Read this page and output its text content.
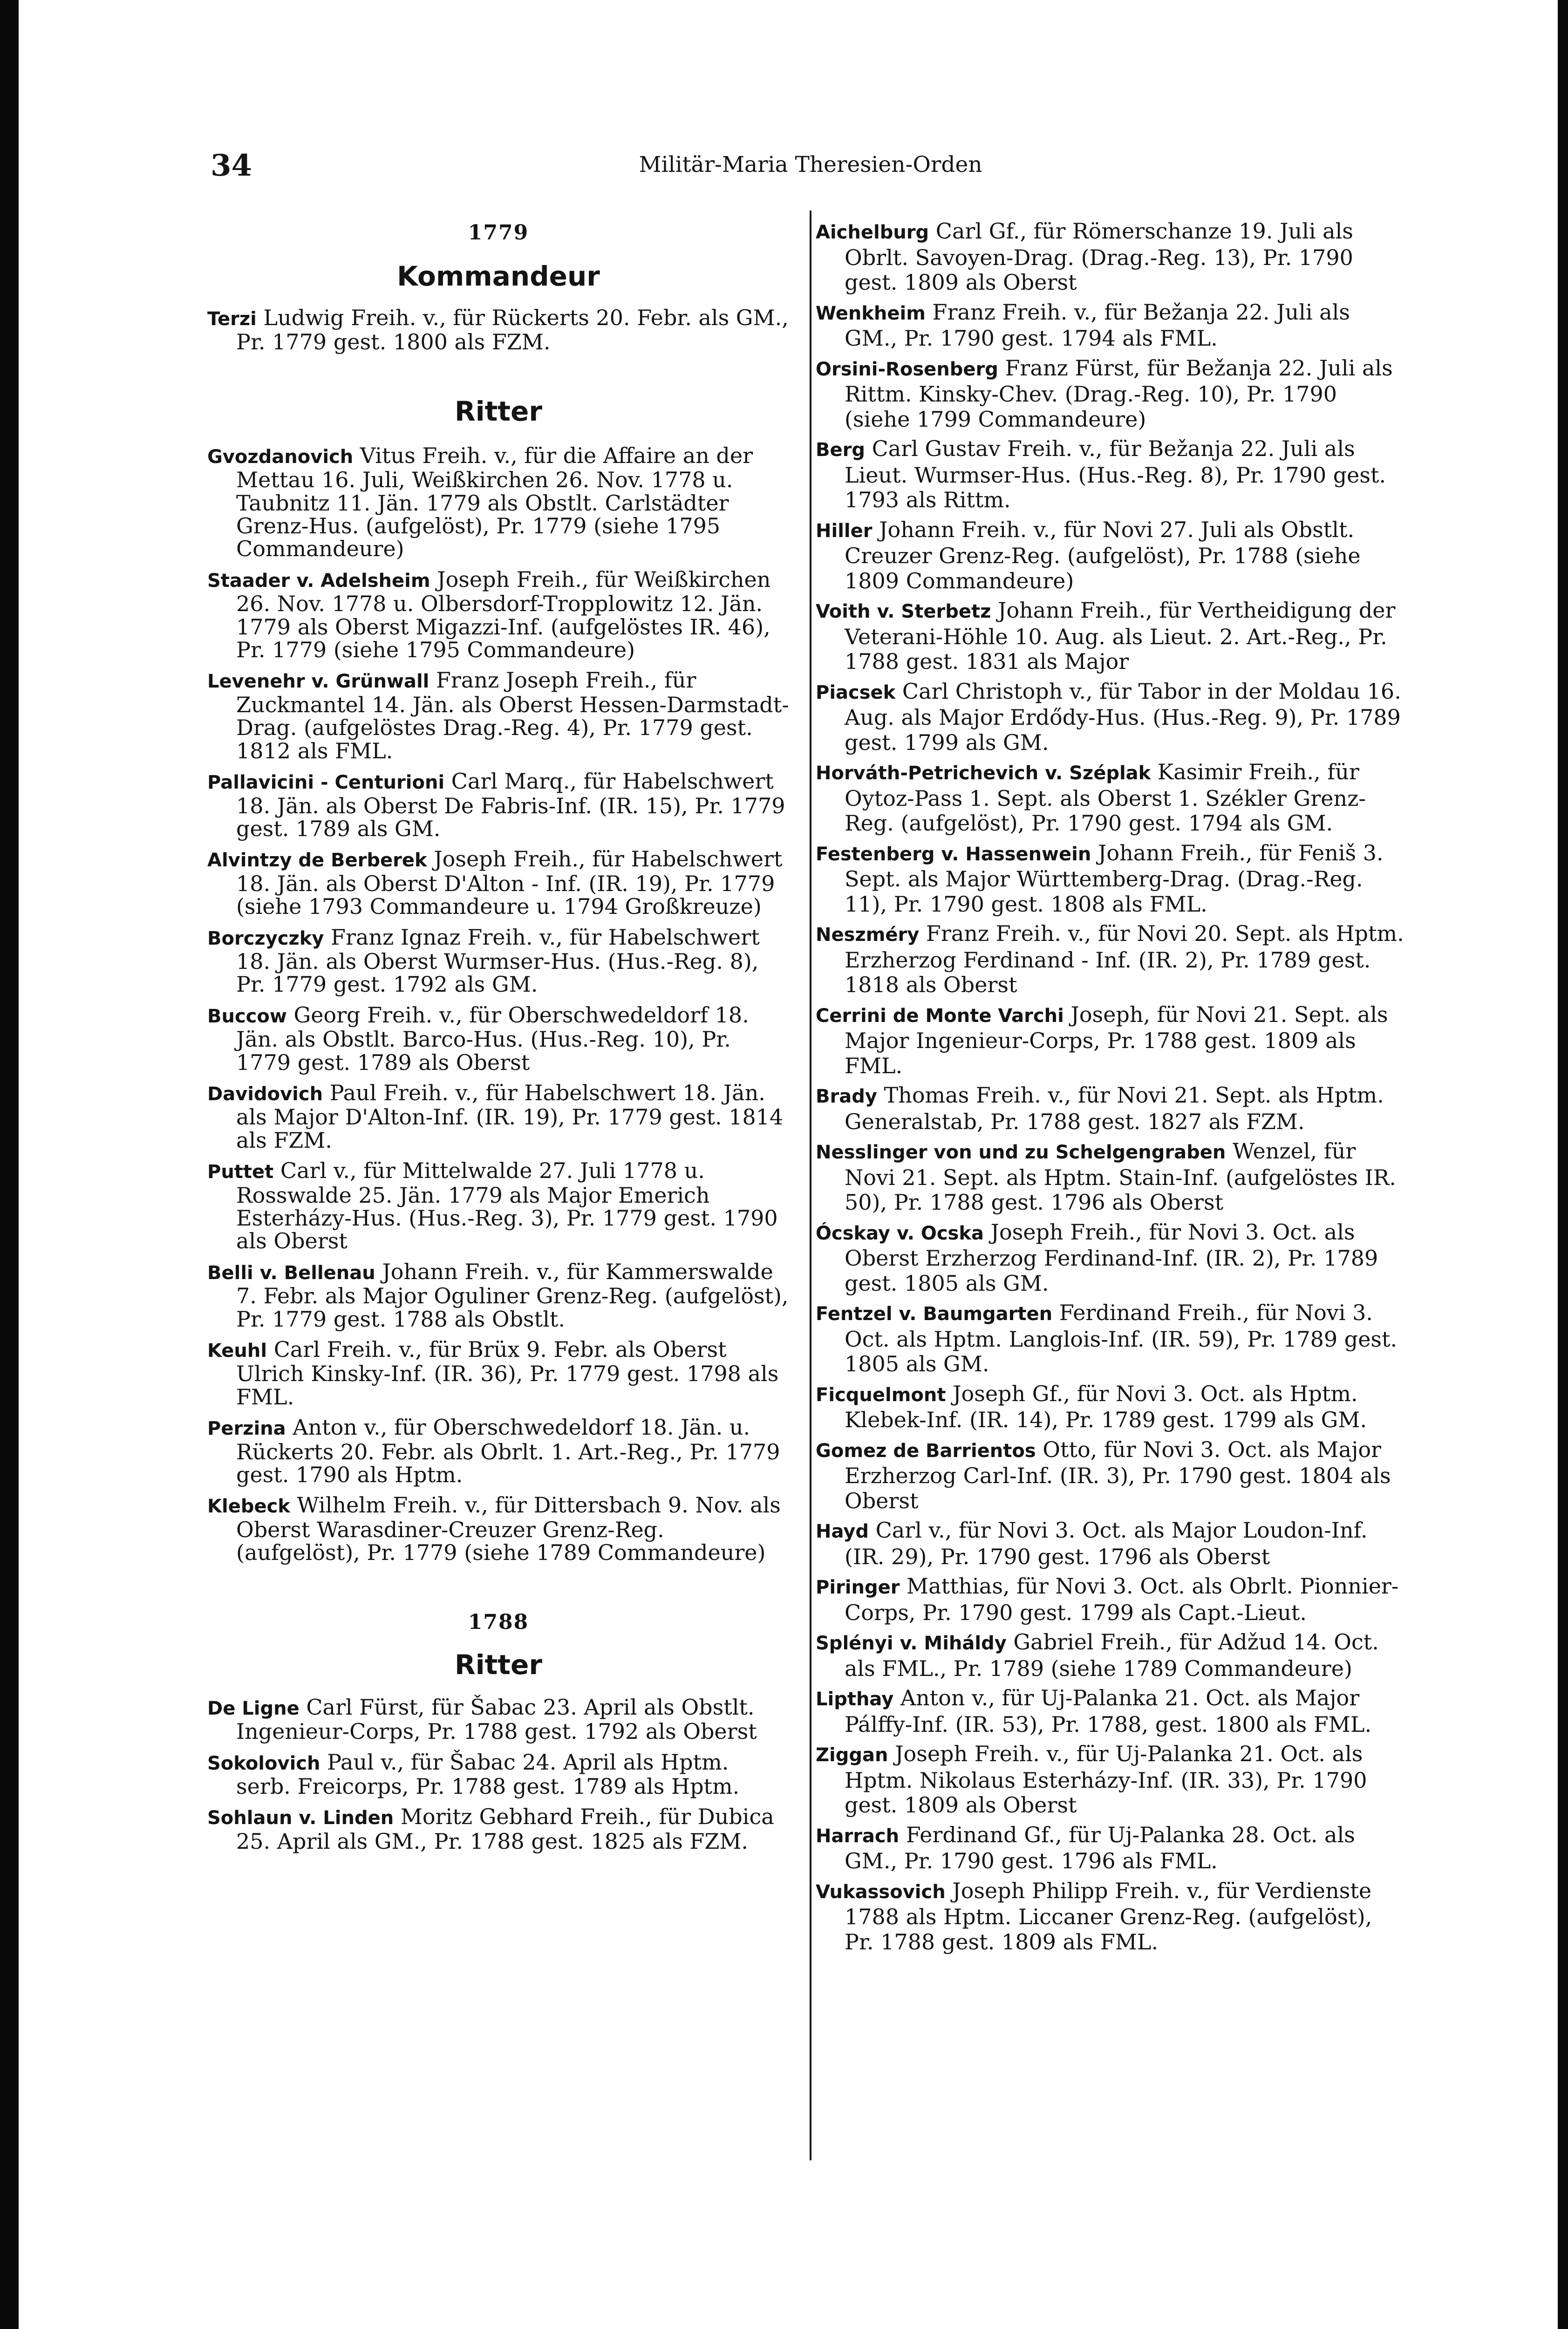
34	Militär-Maria Theresien-Orden
1779
Kommandeur

Terzi Ludwig Freih. v., für Rückerts 20. Febr. als GM., Pr. 1779 gest. 1800 als FZM.

Ritter

Gvozdanovich Vitus Freih. v., für die Affaire an der Mettau 16. Juli, Weißkirchen 26. Nov. 1778 u. Taubnitz 11. Jän. 1779 als Obstlt. Carlstädter Grenz-Hus. (aufgelöst), Pr. 1779 (siehe 1795 Commandeure)

Staader v. Adelsheim Joseph Freih., für Weißkirchen 26. Nov. 1778 u. Olbersdorf-Tropplowitz 12. Jän. 1779 als Oberst Migazzi-Inf. (aufgelöstes IR. 46), Pr. 1779 (siehe 1795 Commandeure)

Levenehr v. Grünwall Franz Joseph Freih., für Zuckmantel 14. Jän. als Oberst Hessen-Darmstadt-Drag. (aufgelöstes Drag.-Reg. 4), Pr. 1779 gest. 1812 als FML.

Pallavicini - Centurioni Carl Marq., für Habelschwert 18. Jän. als Oberst De Fabris-Inf. (IR. 15), Pr. 1779 gest. 1789 als GM.

Alvintzy de Berberek Joseph Freih., für Habelschwert 18. Jän. als Oberst D'Alton - Inf. (IR. 19), Pr. 1779 (siehe 1793 Commandeure u. 1794 Großkreuze)

Borczyczky Franz Ignaz Freih. v., für Habelschwert 18. Jän. als Oberst Wurmser-Hus. (Hus.-Reg. 8), Pr. 1779 gest. 1792 als GM.

Buccow Georg Freih. v., für Oberschwedeldorf 18. Jän. als Obstlt. Barco-Hus. (Hus.-Reg. 10), Pr. 1779 gest. 1789 als Oberst

Davidovich Paul Freih. v., für Habelschwert 18. Jän. als Major D'Alton-Inf. (IR. 19), Pr. 1779 gest. 1814 als FZM.

Puttet Carl v., für Mittelwalde 27. Juli 1778 u. Rosswalde 25. Jän. 1779 als Major Emerich Esterházy-Hus. (Hus.-Reg. 3), Pr. 1779 gest. 1790 als Oberst

Belli v. Bellenau Johann Freih. v., für Kammerswalde 7. Febr. als Major Oguliner Grenz-Reg. (aufgelöst), Pr. 1779 gest. 1788 als Obstlt.

Keuhl Carl Freih. v., für Brüx 9. Febr. als Oberst Ulrich Kinsky-Inf. (IR. 36), Pr. 1779 gest. 1798 als FML.

Perzina Anton v., für Oberschwedeldorf 18. Jän. u. Rückerts 20. Febr. als Obrlt. 1. Art.-Reg., Pr. 1779 gest. 1790 als Hptm.

Klebeck Wilhelm Freih. v., für Dittersbach 9. Nov. als Oberst Warasdiner-Creuzer Grenz-Reg. (aufgelöst), Pr. 1779 (siehe 1789 Commandeure)

1788
Ritter

De Ligne Carl Fürst, für Šabac 23. April als Obstlt. Ingenieur-Corps, Pr. 1788 gest. 1792 als Oberst

Sokolovich Paul v., für Šabac 24. April als Hptm. serb. Freicorps, Pr. 1788 gest. 1789 als Hptm.

Sohlaun v. Linden Moritz Gebhard Freih., für Dubica 25. April als GM., Pr. 1788 gest. 1825 als FZM.

Aichelburg Carl Gf., für Römerschanze 19. Juli als Obrlt. Savoyen-Drag. (Drag.-Reg. 13), Pr. 1790 gest. 1809 als Oberst

Wenkheim Franz Freih. v., für Bežanja 22. Juli als GM., Pr. 1790 gest. 1794 als FML.

Orsini-Rosenberg Franz Fürst, für Bežanja 22. Juli als Rittm. Kinsky-Chev. (Drag.-Reg. 10), Pr. 1790 (siehe 1799 Commandeure)

Berg Carl Gustav Freih. v., für Bežanja 22. Juli als Lieut. Wurmser-Hus. (Hus.-Reg. 8), Pr. 1790 gest. 1793 als Rittm.

Hiller Johann Freih. v., für Novi 27. Juli als Obstlt. Creuzer Grenz-Reg. (aufgelöst), Pr. 1788 (siehe 1809 Commandeure)

Voith v. Sterbetz Johann Freih., für Vertheidigung der Veterani-Höhle 10. Aug. als Lieut. 2. Art.-Reg., Pr. 1788 gest. 1831 als Major

Piacsek Carl Christoph v., für Tabor in der Moldau 16. Aug. als Major Erdődy-Hus. (Hus.-Reg. 9), Pr. 1789 gest. 1799 als GM.

Horváth-Petrichevich v. Széplak Kasimir Freih., für Oytoz-Pass 1. Sept. als Oberst 1. Székler Grenz-Reg. (aufgelöst), Pr. 1790 gest. 1794 als GM.

Festenberg v. Hassenwein Johann Freih., für Feniš 3. Sept. als Major Württemberg-Drag. (Drag.-Reg. 11), Pr. 1790 gest. 1808 als FML.

Neszméry Franz Freih. v., für Novi 20. Sept. als Hptm. Erzherzog Ferdinand - Inf. (IR. 2), Pr. 1789 gest. 1818 als Oberst

Cerrini de Monte Varchi Joseph, für Novi 21. Sept. als Major Ingenieur-Corps, Pr. 1788 gest. 1809 als FML.

Brady Thomas Freih. v., für Novi 21. Sept. als Hptm. Generalstab, Pr. 1788 gest. 1827 als FZM.

Nesslinger von und zu Schelgengraben Wenzel, für Novi 21. Sept. als Hptm. Stain-Inf. (aufgelöstes IR. 50), Pr. 1788 gest. 1796 als Oberst

Ócskay v. Ocska Joseph Freih., für Novi 3. Oct. als Oberst Erzherzog Ferdinand-Inf. (IR. 2), Pr. 1789 gest. 1805 als GM.

Fentzel v. Baumgarten Ferdinand Freih., für Novi 3. Oct. als Hptm. Langlois-Inf. (IR. 59), Pr. 1789 gest. 1805 als GM.

Ficquelmont Joseph Gf., für Novi 3. Oct. als Hptm. Klebek-Inf. (IR. 14), Pr. 1789 gest. 1799 als GM.

Gomez de Barrientos Otto, für Novi 3. Oct. als Major Erzherzog Carl-Inf. (IR. 3), Pr. 1790 gest. 1804 als Oberst

Hayd Carl v., für Novi 3. Oct. als Major Loudon-Inf. (IR. 29), Pr. 1790 gest. 1796 als Oberst

Piringer Matthias, für Novi 3. Oct. als Obrlt. Pionnier-Corps, Pr. 1790 gest. 1799 als Capt.-Lieut.

Splényi v. Miháldy Gabriel Freih., für Adžud 14. Oct. als FML., Pr. 1789 (siehe 1789 Commandeure)

Lipthay Anton v., für Uj-Palanka 21. Oct. als Major Pálffy-Inf. (IR. 53), Pr. 1788, gest. 1800 als FML.

Ziggan Joseph Freih. v., für Uj-Palanka 21. Oct. als Hptm. Nikolaus Esterházy-Inf. (IR. 33), Pr. 1790 gest. 1809 als Oberst

Harrach Ferdinand Gf., für Uj-Palanka 28. Oct. als GM., Pr. 1790 gest. 1796 als FML.

Vukassovich Joseph Philipp Freih. v., für Verdienste 1788 als Hptm. Liccaner Grenz-Reg. (aufgelöst), Pr. 1788 gest. 1809 als FML.
